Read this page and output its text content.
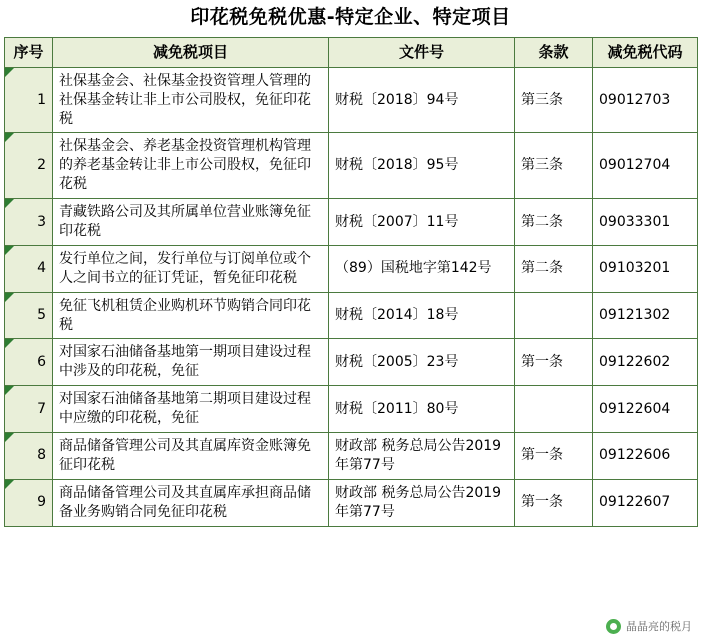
印花税免税优惠-特定企业、特定项目
序号	减免税项目	文件号	条款	减免税代码

1	社保基金会、社保基金投资管理人管理的社保基金转让非上市公司股权，免征印花税	财税〔2018〕94号	第三条	09012703

2	社保基金会、养老基金投资管理机构管理的养老基金转让非上市公司股权，免征印花税	财税〔2018〕95号	第三条	09012704

3	青藏铁路公司及其所属单位营业账簿免征印花税	财税〔2007〕11号	第二条	09033301

4	发行单位之间，发行单位与订阅单位或个人之间书立的征订凭证，暂免征印花税	（89）国税地字第142号	第二条	09103201

5	免征飞机租赁企业购机环节购销合同印花税	财税〔2014〕18号		09121302

6	对国家石油储备基地第一期项目建设过程中涉及的印花税，免征	财税〔2005〕23号	第一条	09122602

7	对国家石油储备基地第二期项目建设过程中应缴的印花税，免征	财税〔2011〕80号		09122604

8	商品储备管理公司及其直属库资金账簿免征印花税	财政部 税务总局公告2019年第77号	第一条	09122606

9	商品储备管理公司及其直属库承担商品储备业务购销合同免征印花税	财政部 税务总局公告2019年第77号	第一条	09122607
晶晶亮的税月
